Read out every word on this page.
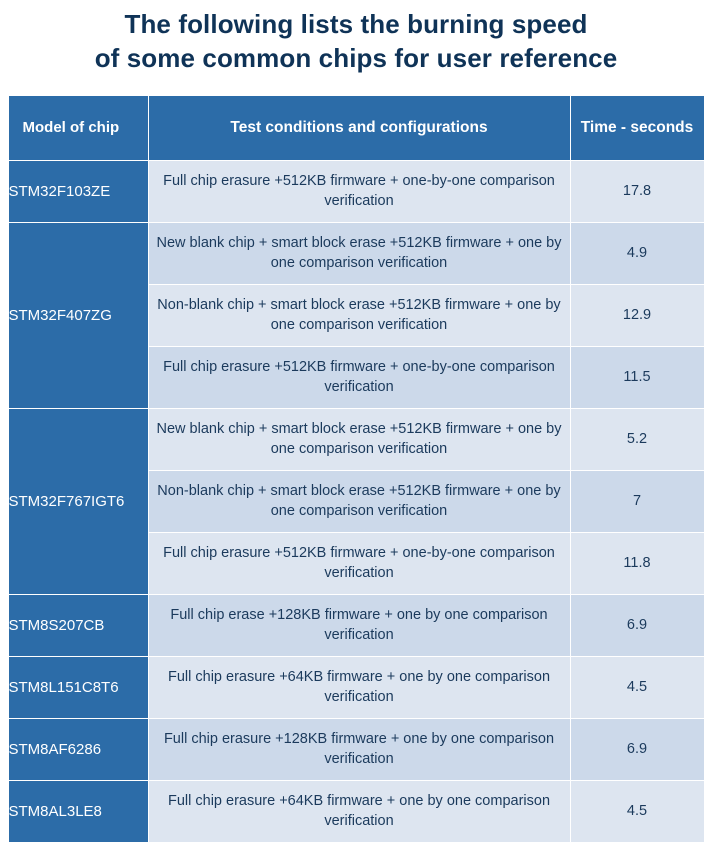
The following lists the burning speed
of some common chips for user reference
Model of chip	Test conditions and configurations	Time - seconds
STM32F103ZE	Full chip erasure +512KB firmware + one-by-one comparison verification	17.8
STM32F407ZG	New blank chip + smart block erase +512KB firmware + one by one comparison verification	4.9
	Non-blank chip + smart block erase +512KB firmware + one by one comparison verification	12.9
	Full chip erasure +512KB firmware + one-by-one comparison verification	11.5
STM32F767IGT6	New blank chip + smart block erase +512KB firmware + one by one comparison verification	5.2
	Non-blank chip + smart block erase +512KB firmware + one by one comparison verification	7
	Full chip erasure +512KB firmware + one-by-one comparison verification	11.8
STM8S207CB	Full chip erase +128KB firmware + one by one comparison verification	6.9
STM8L151C8T6	Full chip erasure +64KB firmware + one by one comparison verification	4.5
STM8AF6286	Full chip erasure +128KB firmware + one by one comparison verification	6.9
STM8AL3LE8	Full chip erasure +64KB firmware + one by one comparison verification	4.5
